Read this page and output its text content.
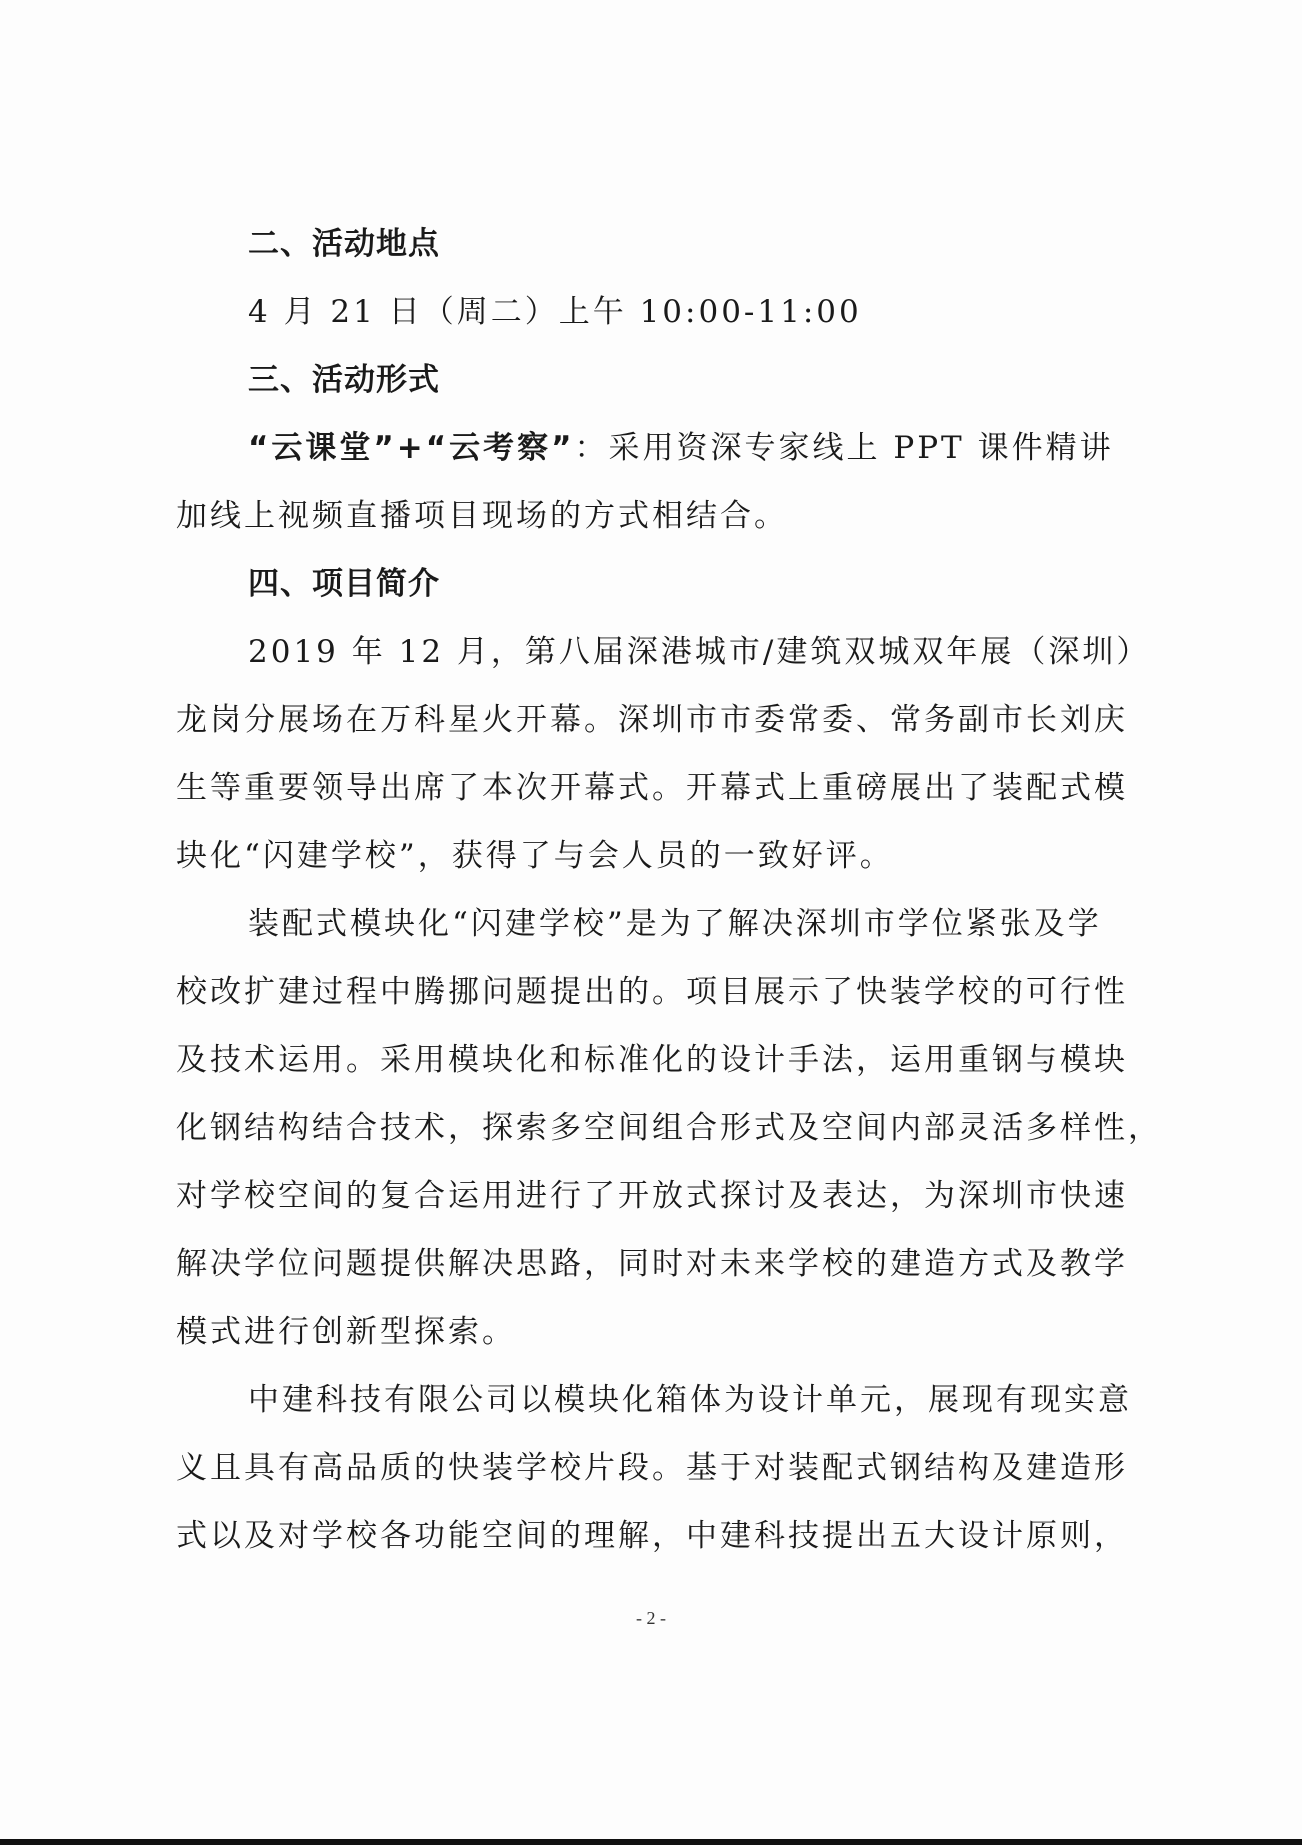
二、活动地点
4 月 21 日（周二）上午 10:00-11:00
三、活动形式
“云课堂”+“云考察”：采用资深专家线上 PPT 课件精讲
加线上视频直播项目现场的方式相结合。
四、项目简介
2019 年 12 月，第八届深港城市/建筑双城双年展（深圳）
龙岗分展场在万科星火开幕。深圳市市委常委、常务副市长刘庆
生等重要领导出席了本次开幕式。开幕式上重磅展出了装配式模
块化“闪建学校”，获得了与会人员的一致好评。
装配式模块化“闪建学校”是为了解决深圳市学位紧张及学
校改扩建过程中腾挪问题提出的。项目展示了快装学校的可行性
及技术运用。采用模块化和标准化的设计手法，运用重钢与模块
化钢结构结合技术，探索多空间组合形式及空间内部灵活多样性，
对学校空间的复合运用进行了开放式探讨及表达，为深圳市快速
解决学位问题提供解决思路，同时对未来学校的建造方式及教学
模式进行创新型探索。
中建科技有限公司以模块化箱体为设计单元，展现有现实意
义且具有高品质的快装学校片段。基于对装配式钢结构及建造形
式以及对学校各功能空间的理解，中建科技提出五大设计原则，
- 2 -
